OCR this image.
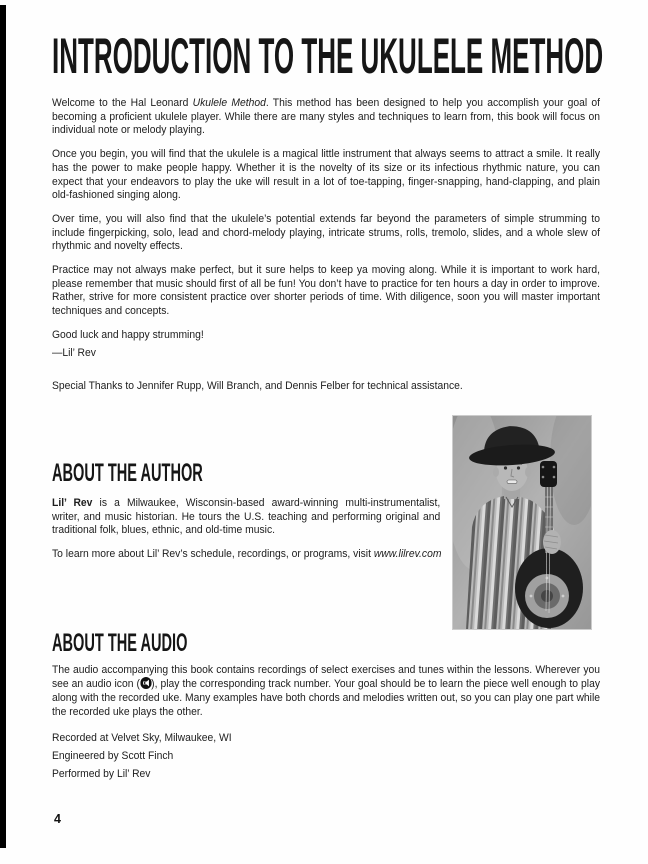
INTRODUCTION TO THE UKULELE METHOD

Welcome to the Hal Leonard Ukulele Method. This method has been designed to help you accomplish your goal of becoming a proficient ukulele player. While there are many styles and techniques to learn from, this book will focus on individual note or melody playing.

Once you begin, you will find that the ukulele is a magical little instrument that always seems to attract a smile. It really has the power to make people happy. Whether it is the novelty of its size or its infectious rhythmic nature, you can expect that your endeavors to play the uke will result in a lot of toe-tapping, finger-snapping, hand-clapping, and plain old-fashioned singing along.

Over time, you will also find that the ukulele’s potential extends far beyond the parameters of simple strumming to include fingerpicking, solo, lead and chord-melody playing, intricate strums, rolls, tremolo, slides, and a whole slew of rhythmic and novelty effects.

Practice may not always make perfect, but it sure helps to keep ya moving along. While it is important to work hard, please remember that music should first of all be fun! You don’t have to practice for ten hours a day in order to improve. Rather, strive for more consistent practice over shorter periods of time. With diligence, soon you will master important techniques and concepts.

Good luck and happy strumming!

—Lil’ Rev

Special Thanks to Jennifer Rupp, Will Branch, and Dennis Felber for technical assistance.

ABOUT THE AUTHOR

Lil’ Rev is a Milwaukee, Wisconsin-based award-winning multi-instrumentalist, writer, and music historian. He tours the U.S. teaching and performing original and traditional folk, blues, ethnic, and old-time music.

To learn more about Lil’ Rev’s schedule, recordings, or programs, visit www.lilrev.com

ABOUT THE AUDIO

The audio accompanying this book contains recordings of select exercises and tunes within the lessons. Wherever you see an audio icon ( ), play the corresponding track number. Your goal should be to learn the piece well enough to play along with the recorded uke. Many examples have both chords and melodies written out, so you can play one part while the recorded uke plays the other.

Recorded at Velvet Sky, Milwaukee, WI

Engineered by Scott Finch

Performed by Lil’ Rev

4
